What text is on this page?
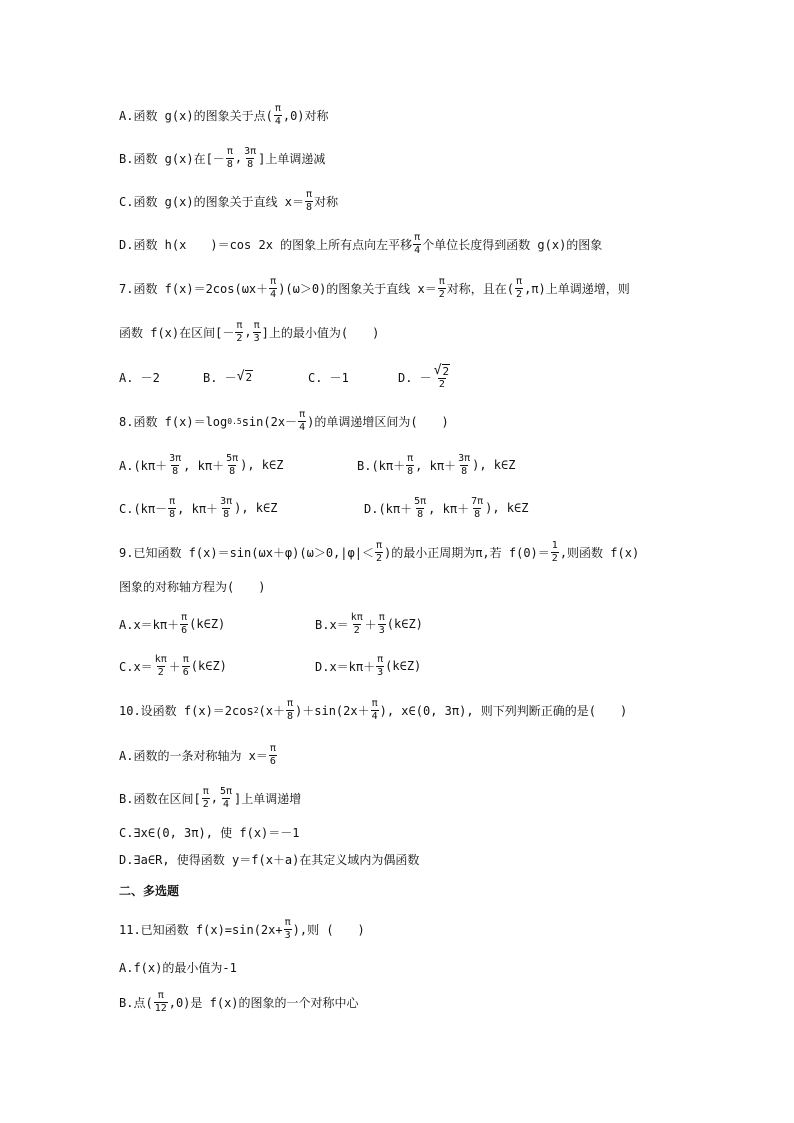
A.函数 g(x)的图象关于点( $\frac{\pi}{4} ,0$)对称
B.函数 g(x)在[－ $\frac{\pi}{8}$ , $\frac{3\pi}{8}$ ]上单调递减
C.函数 g(x)的图象关于直线 $x= \frac{\pi}{8}$ 对称
D.函数 h(x　　)＝cos 2x 的图象上所有点向左平移 $\frac{\pi}{4}$ 个单位长度得到函数 g(x)的图象
7.函数 $f(x)=2\cos(\omega x+ \frac{\pi}{4} )(\omega>0)$的图象关于直线 $x= \frac{\pi}{2}$ 对称，且在( $\frac{\pi}{2} ,\pi$)上单调递增，则
函数 f(x)在区间[－ $\frac{\pi}{2}$ , $\frac{\pi}{3}$ ]上的最小值为(　　)
A. －2	B. － √ 2	C. －1	D. － $\frac{√ 2}{2}$
8.函数 f(x)＝log 0.5 $\sin(2x- \frac{\pi}{4}$ )的单调递增区间为(　　)
$A.(k\pi+ \frac{3\pi}{8}$ , $k\pi+ \frac{5\pi}{8}$ ), k∈Z	$B.(k\pi+ \frac{\pi}{8}$ , $k\pi+ \frac{3\pi}{8}$ ), k∈Z
$C.(k\pi- \frac{\pi}{8}$ , $k\pi+ \frac{3\pi}{8}$ ), k∈Z	$D.(k\pi+ \frac{5\pi}{8}$ , $k\pi+ \frac{7\pi}{8}$ ), k∈Z
9.已知函数 $f(x)=\sin(\omega x+\varphi)(\omega>0,|\varphi|< \frac{\pi}{2}$ )的最小正周期为π,若 $f(0)= \frac{1}{2}$ ,则函数 f(x)
图象的对称轴方程为(　　)
$A.x=k\pi+ \frac{\pi}{6}$ (k∈Z)	$B.x= \frac{k\pi}{2} + \frac{\pi}{3}$ (k∈Z)
$C.x= \frac{k\pi}{2} + \frac{\pi}{6}$ (k∈Z)	$D.x=k\pi+ \frac{\pi}{3}$ (k∈Z)
10.设函数 f(x)＝2cos 2 $(x+ \frac{\pi}{8} )+\sin(2x+ \frac{\pi}{4}$ ), x∈(0, 3π), 则下列判断正确的是(　　)
A.函数的一条对称轴为 $x= \frac{\pi}{6}$
B.函数在区间[ $\frac{\pi}{2}$ , $\frac{5\pi}{4}$ ]上单调递增
C.∃x∈(0, 3π), 使 f(x)＝－1
D.∃a∈R, 使得函数 y＝f(x＋a)在其定义域内为偶函数
二、多选题
11.已知函数 $f(x)=\sin(2x+ \frac{\pi}{3}$ ),则 (　　)
A.f(x)的最小值为-1
B.点( $\frac{\pi}{12} ,0$)是 f(x)的图象的一个对称中心
